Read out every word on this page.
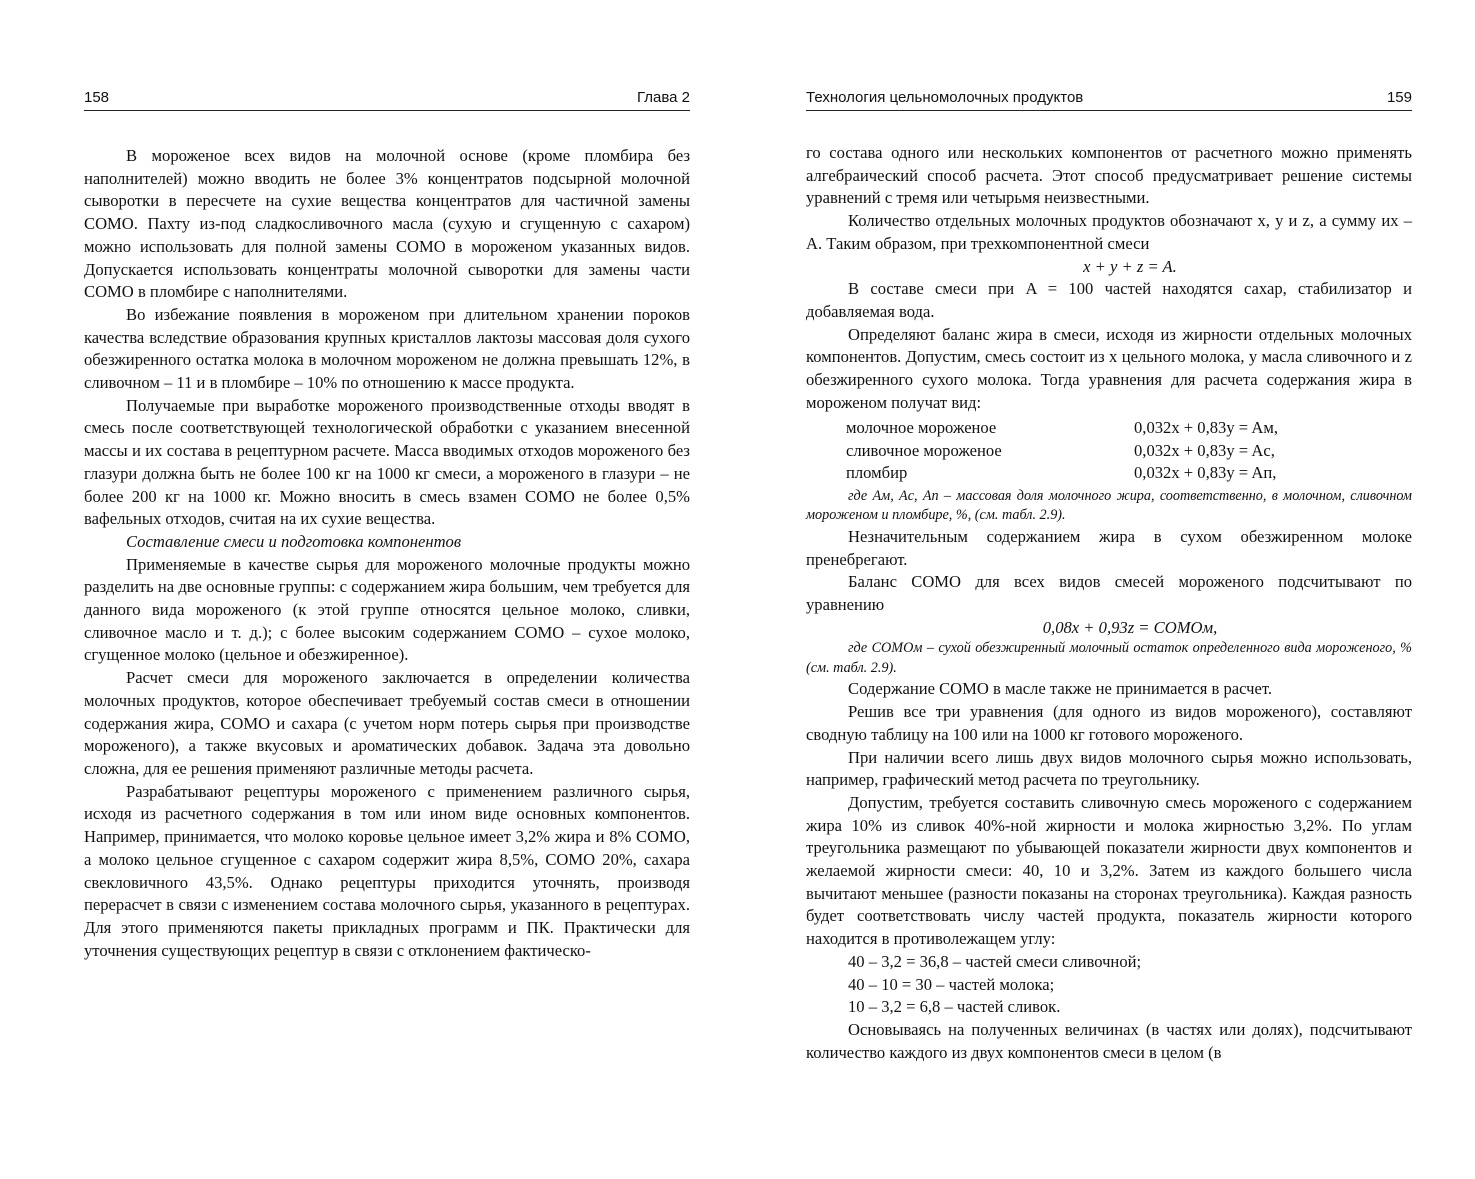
158	Глава 2

В мороженое всех видов на молочной основе (кроме пломбира без наполнителей) можно вводить не более 3% концентратов подсырной молочной сыворотки в пересчете на сухие вещества концентратов для частичной замены СОМО. Пахту из-под сладкосливочного масла (сухую и сгущенную с сахаром) можно использовать для полной замены СОМО в мороженом указанных видов. Допускается использовать концентраты молочной сыворотки для замены части СОМО в пломбире с наполнителями.

Во избежание появления в мороженом при длительном хранении пороков качества вследствие образования крупных кристаллов лактозы массовая доля сухого обезжиренного остатка молока в молочном мороженом не должна превышать 12%, в сливочном – 11 и в пломбире – 10% по отношению к массе продукта.

Получаемые при выработке мороженого производственные отходы вводят в смесь после соответствующей технологической обработки с указанием внесенной массы и их состава в рецептурном расчете. Масса вводимых отходов мороженого без глазури должна быть не более 100 кг на 1000 кг смеси, а мороженого в глазури – не более 200 кг на 1000 кг. Можно вносить в смесь взамен СОМО не более 0,5% вафельных отходов, считая на их сухие вещества.

Составление смеси и подготовка компонентов

Применяемые в качестве сырья для мороженого молочные продукты можно разделить на две основные группы: с содержанием жира большим, чем требуется для данного вида мороженого (к этой группе относятся цельное молоко, сливки, сливочное масло и т. д.); с более высоким содержанием СОМО – сухое молоко, сгущенное молоко (цельное и обезжиренное).

Расчет смеси для мороженого заключается в определении количества молочных продуктов, которое обеспечивает требуемый состав смеси в отношении содержания жира, СОМО и сахара (с учетом норм потерь сырья при производстве мороженого), а также вкусовых и ароматических добавок. Задача эта довольно сложна, для ее решения применяют различные методы расчета.

Разрабатывают рецептуры мороженого с применением различного сырья, исходя из расчетного содержания в том или ином виде основных компонентов. Например, принимается, что молоко коровье цельное имеет 3,2% жира и 8% СОМО, а молоко цельное сгущенное с сахаром содержит жира 8,5%, СОМО 20%, сахара свекловичного 43,5%. Однако рецептуры приходится уточнять, производя перерасчет в связи с изменением состава молочного сырья, указанного в рецептурах. Для этого применяются пакеты прикладных программ и ПК. Практически для уточнения существующих рецептур в связи с отклонением фактическо-

Технология цельномолочных продуктов	159

го состава одного или нескольких компонентов от расчетного можно применять алгебраический способ расчета. Этот способ предусматривает решение системы уравнений с тремя или четырьмя неизвестными.

Количество отдельных молочных продуктов обозначают x, y и z, а сумму их – A. Таким образом, при трехкомпонентной смеси

x + y + z = A.

В составе смеси при A = 100 частей находятся сахар, стабилизатор и добавляемая вода.

Определяют баланс жира в смеси, исходя из жирности отдельных молочных компонентов. Допустим, смесь состоит из x цельного молока, y масла сливочного и z обезжиренного сухого молока. Тогда уравнения для расчета содержания жира в мороженом получат вид:

молочное мороженое	0,032x + 0,83y = Aм,
сливочное мороженое	0,032x + 0,83y = Aс,
пломбир	0,032x + 0,83y = Aп,

где Aм, Aс, Aп – массовая доля молочного жира, соответственно, в молочном, сливочном мороженом и пломбире, %, (см. табл. 2.9).

Незначительным содержанием жира в сухом обезжиренном молоке пренебрегают.

Баланс СОМО для всех видов смесей мороженого подсчитывают по уравнению

0,08x + 0,93z = СОМОм,

где СОМОм – сухой обезжиренный молочный остаток определенного вида мороженого, % (см. табл. 2.9).

Содержание СОМО в масле также не принимается в расчет.

Решив все три уравнения (для одного из видов мороженого), составляют сводную таблицу на 100 или на 1000 кг готового мороженого.

При наличии всего лишь двух видов молочного сырья можно использовать, например, графический метод расчета по треугольнику.

Допустим, требуется составить сливочную смесь мороженого с содержанием жира 10% из сливок 40%-ной жирности и молока жирностью 3,2%. По углам треугольника размещают по убывающей показатели жирности двух компонентов и желаемой жирности смеси: 40, 10 и 3,2%. Затем из каждого большего числа вычитают меньшее (разности показаны на сторонах треугольника). Каждая разность будет соответствовать числу частей продукта, показатель жирности которого находится в противолежащем углу:

40 – 3,2 = 36,8 – частей смеси сливочной;

40 – 10 = 30 – частей молока;

10 – 3,2 = 6,8 – частей сливок.

Основываясь на полученных величинах (в частях или долях), подсчитывают количество каждого из двух компонентов смеси в целом (в
